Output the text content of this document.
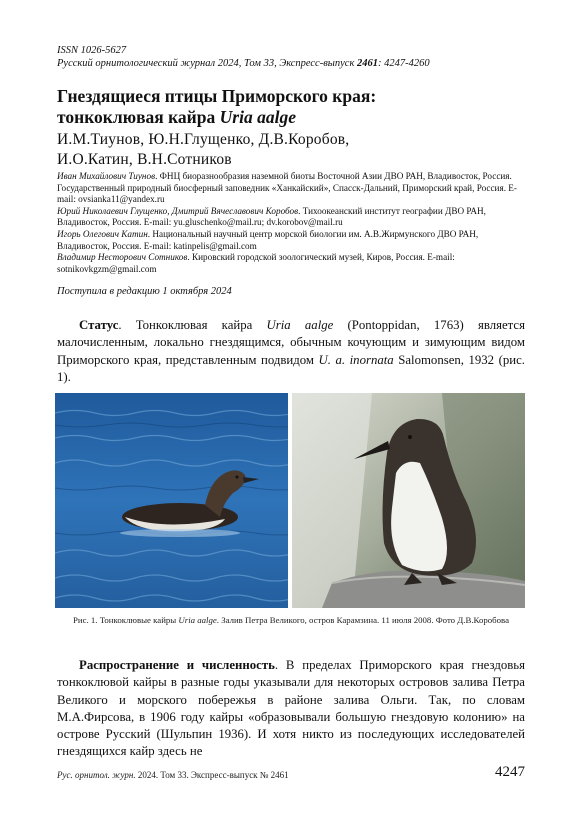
ISSN 1026-5627

Русский орнитологический журнал 2024, Том 33, Экспресс-выпуск 2461: 4247-4260

Гнездящиеся птицы Приморского края:
тонкоклювая кайра Uria aalge
И.М.Тиунов, Ю.Н.Глущенко, Д.В.Коробов,
И.О.Катин, В.Н.Сотников

Иван Михайлович Тиунов. ФНЦ биоразнообразия наземной биоты Восточной Азии ДВО РАН, Владивосток, Россия. Государственный природный биосферный заповедник «Ханкайский», Спасск-Дальний, Приморский край, Россия. E-mail: ovsianka11@yandex.ru

Юрий Николаевич Глущенко, Дмитрий Вячеславович Коробов. Тихоокеанский институт географии ДВО РАН, Владивосток, Россия. E-mail: yu.gluschenko@mail.ru; dv.korobov@mail.ru

Игорь Олегович Катин. Национальный научный центр морской биологии им. А.В.Жирмунского ДВО РАН, Владивосток, Россия. E-mail: katinpelis@gmail.com

Владимир Несторович Сотников. Кировский городской зоологический музей, Киров, Россия. E-mail: sotnikovkgzm@gmail.com

Поступила в редакцию 1 октября 2024

Статус. Тонкоклювая кайра Uria aalge (Pontoppidan, 1763) является малочисленным, локально гнездящимся, обычным кочующим и зимующим видом Приморского края, представленным подвидом U. a. inornata Salomonsen, 1932 (рис. 1).

Рис. 1. Тонкоклювые кайры Uria aalge. Залив Петра Великого, остров Карамзина. 11 июля 2008. Фото Д.В.Коробова

Распространение и численность. В пределах Приморского края гнездовья тонкоклювой кайры в разные годы указывали для некоторых островов залива Петра Великого и морского побережья в районе залива Ольги. Так, по словам М.А.Фирсова, в 1906 году кайры «образовывали большую гнездовую колонию» на острове Русский (Шульпин 1936). И хотя никто из последующих исследователей гнездящихся кайр здесь не

Рус. орнитол. журн. 2024. Том 33. Экспресс-выпуск № 2461	4247
